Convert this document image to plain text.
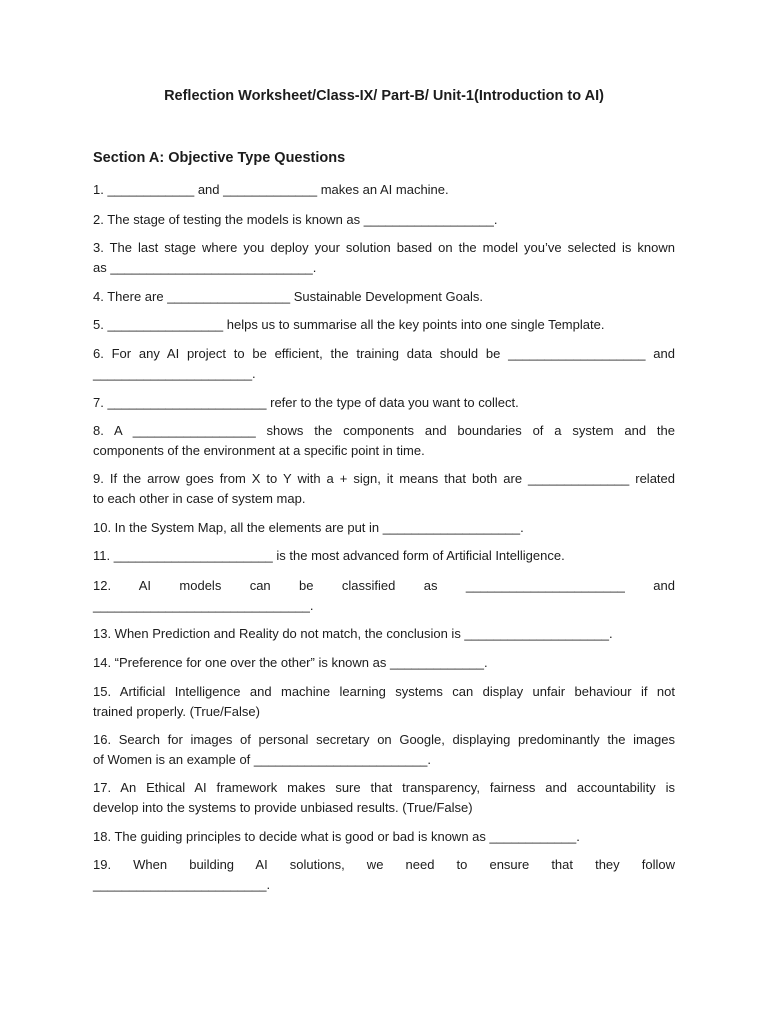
Reflection Worksheet/Class-IX/ Part-B/ Unit-1(Introduction to AI)
Section A: Objective Type Questions
1. ____________ and _____________ makes an AI machine.
2. The stage of testing the models is known as __________________.
3. The last stage where you deploy your solution based on the model you’ve selected is known
as ____________________________.
4. There are _________________ Sustainable Development Goals.
5. ________________ helps us to summarise all the key points into one single Template.
6. For any AI project to be efficient, the training data should be ___________________ and
______________________.
7. ______________________ refer to the type of data you want to collect.
8. A _________________ shows the components and boundaries of a system and the
components of the environment at a specific point in time.
9. If the arrow goes from X to Y with a + sign, it means that both are ______________ related
to each other in case of system map.
10. In the System Map, all the elements are put in ___________________.
11. ______________________ is the most advanced form of Artificial Intelligence.
12. AI models can be classified as ______________________ and
______________________________.
13. When Prediction and Reality do not match, the conclusion is ____________________.
14. “Preference for one over the other” is known as _____________.
15. Artificial Intelligence and machine learning systems can display unfair behaviour if not
trained properly. (True/False)
16. Search for images of personal secretary on Google, displaying predominantly the images
of Women is an example of ________________________.
17. An Ethical AI framework makes sure that transparency, fairness and accountability is
develop into the systems to provide unbiased results. (True/False)
18. The guiding principles to decide what is good or bad is known as ____________.
19. When building AI solutions, we need to ensure that they follow
________________________.
